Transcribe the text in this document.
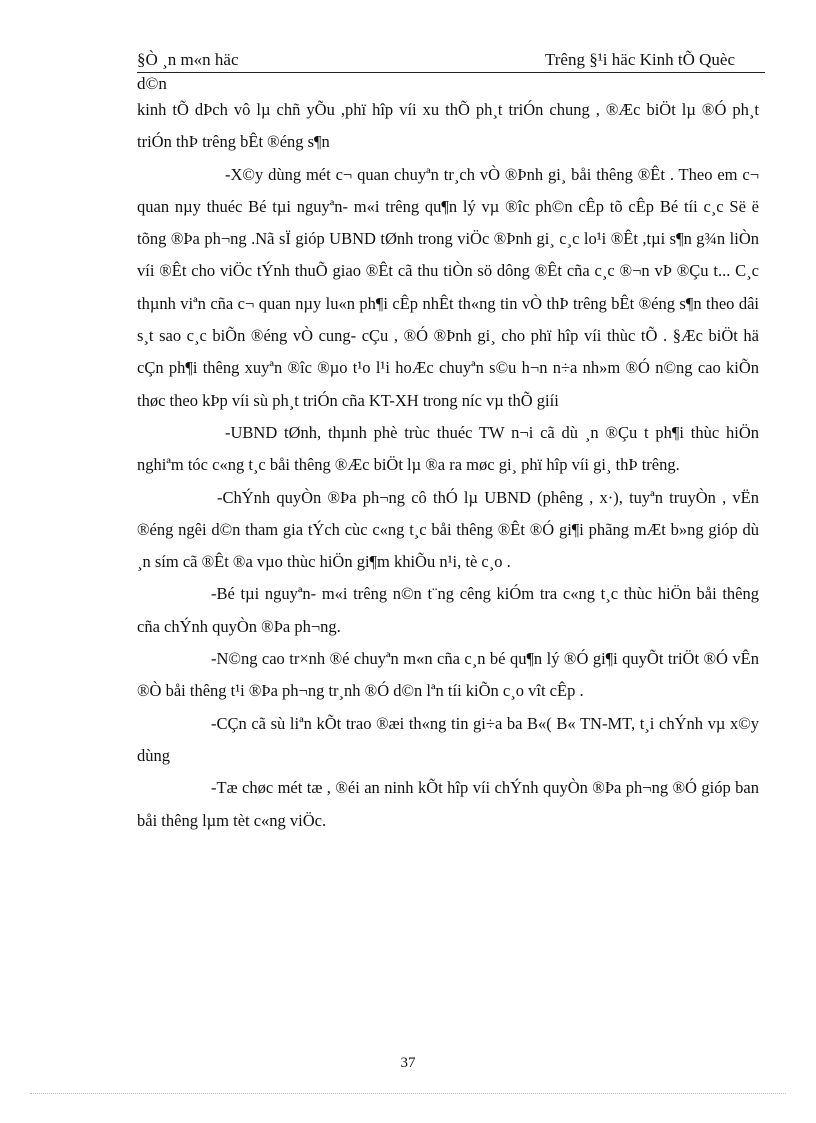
§Ò ¸n m«n häc	Trêng §¹i häc Kinh tÕ Quèc
d©n

kinh tÕ dÞch vô lµ chñ yÕu ,phï hîp víi xu thÕ ph¸t triÓn chung , ®Æc biÖt lµ ®Ó ph¸t triÓn thÞ trêng bÊt ®éng s¶n

-X©y dùng mét c¬ quan chuyªn tr¸ch vÒ ®Þnh gi¸ båi thêng ®Êt . Theo em c¬ quan nµy thuéc Bé tµi nguyªn- m«i trêng qu¶n lý vµ ®îc ph©n cÊp tõ cÊp Bé tíi c¸c Së ë tõng ®Þa ph¬ng .Nã sÏ gióp UBND tØnh trong viÖc ®Þnh gi¸ c¸c lo¹i ®Êt ,tµi s¶n g¾n liÒn víi ®Êt cho viÖc tÝnh thuÕ giao ®Êt cã thu tiÒn sö dông ®Êt cña c¸c ®¬n vÞ ®Çu t... C¸c thµnh viªn cña c¬ quan nµy lu«n ph¶i cÊp nhÊt th«ng tin vÒ thÞ trêng bÊt ®éng s¶n theo dâi s¸t sao c¸c biÕn ®éng vÒ cung- cÇu , ®Ó ®Þnh gi¸ cho phï hîp víi thùc tÕ . §Æc biÖt hä cÇn ph¶i thêng xuyªn ®îc ®µo t¹o l¹i hoÆc chuyªn s©u h¬n n÷a nh»m ®Ó n©ng cao kiÕn thøc theo kÞp víi sù ph¸t triÓn cña KT-XH trong níc vµ thÕ giíi

-UBND tØnh, thµnh phè trùc thuéc TW n¬i cã dù ¸n ®Çu t ph¶i thùc hiÖn nghiªm tóc c«ng t¸c båi thêng ®Æc biÖt lµ ®a ra møc gi¸ phï hîp víi gi¸ thÞ trêng.

-ChÝnh quyÒn ®Þa ph¬ng cô thÓ lµ UBND (phêng , x·), tuyªn truyÒn , vËn ®éng ngêi d©n tham gia tÝch cùc c«ng t¸c båi thêng ®Êt ®Ó gi¶i phãng mÆt b»ng gióp dù ¸n sím cã ®Êt ®a vµo thùc hiÖn gi¶m khiÕu n¹i, tè c¸o .

-Bé tµi nguyªn- m«i trêng n©n t¨ng cêng kiÓm tra c«ng t¸c thùc hiÖn båi thêng cña chÝnh quyÒn ®Þa ph¬ng.

-N©ng cao tr×nh ®é chuyªn m«n cña c¸n bé qu¶n lý ®Ó gi¶i quyÕt triÖt ®Ó vÊn ®Ò båi thêng t¹i ®Þa ph¬ng tr¸nh ®Ó d©n lªn tíi kiÕn c¸o vît cÊp .

-CÇn cã sù liªn kÕt trao ®æi th«ng tin gi÷a ba B«( B« TN-MT, t¸i chÝnh vµ x©y dùng

-Tæ chøc mét tæ , ®éi an ninh kÕt hîp víi chÝnh quyÒn ®Þa ph¬ng ®Ó gióp ban båi thêng lµm tèt c«ng viÖc.

37
